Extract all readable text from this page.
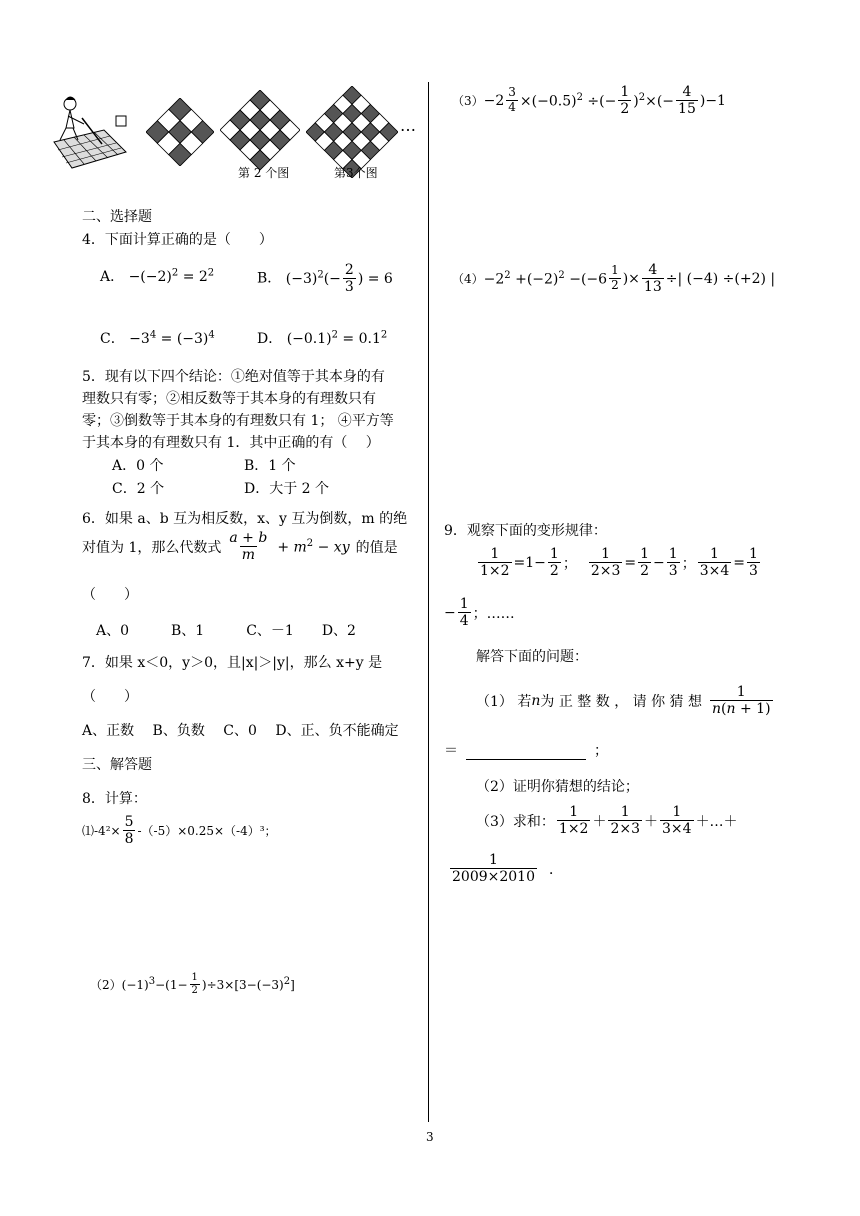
…
第 2 个图	第3个图
二、选择题
4．下面计算正确的是（　　）
A． $-(-2)^2 = 2^2$	B． $(-3)^2(- \frac{2}{3}$ ) = 6
C． $-3^4 = (-3)^4$	D． $(-0.1)^2 = 0.1^2$
5．现有以下四个结论：①绝对值等于其本身的有
理数只有零；②相反数等于其本身的有理数只有
零；③倒数等于其本身的有理数只有 1； ④平方等
于其本身的有理数只有 1．其中正确的有（　 ）
A．0 个	B．1 个
C．2 个	D．大于 2 个
6．如果 a、b 互为相反数，x、y 互为倒数，m 的绝
对值为 1，那么代数式 $\frac{a + b}{m} + m^2$ − xy 的值是
（　　）
A、0　　　B、1　　　C、－1　　D、2
7．如果 x＜0，y＞0，且|x|＞|y|，那么 x+y 是
（　　）
A、正数　 B、负数　 C、0　 D、正、负不能确定
三、解答题
8．计算：
⑴-4²× $\frac{5}{8} -(-5)\times 0.25\times(-4)^3$；
（2） $(-1)^3-(1- \frac{1}{2} )\div 3\times[3-(-3)^2]$
$(3) -2 \frac{3}{4} \times(-0.5)^2$ ÷(− $\frac{1}{2} )^2\times(- \frac{4}{15} )-1$
$(4) -2^2 +(-2)^2 -(-6 \frac{1}{2}$ )× $\frac{4}{13}$ ÷| (−4) ÷(+2) |
9．观察下面的变形规律：
$\frac{1}{1\times 2} =1- \frac{1}{2}$ ； $\frac{1}{2\times 3} = \frac{1}{2} - \frac{1}{3}$ ； $\frac{1}{3\times 4} = \frac{1}{3}$
− $\frac{1}{4}$ ；……
解答下面的问题：
（1） 若 n 为 正 整 数 ， 请 你 猜 想 $\frac{1}{n(n + 1)}$
＝	；
（2）证明你猜想的结论；
（3）求和： $\frac{1}{1\times 2} + \frac{1}{2\times 3} + \frac{1}{3\times 4}$ ＋…＋
$\frac{1}{2009\times 2010}$ ．
3
